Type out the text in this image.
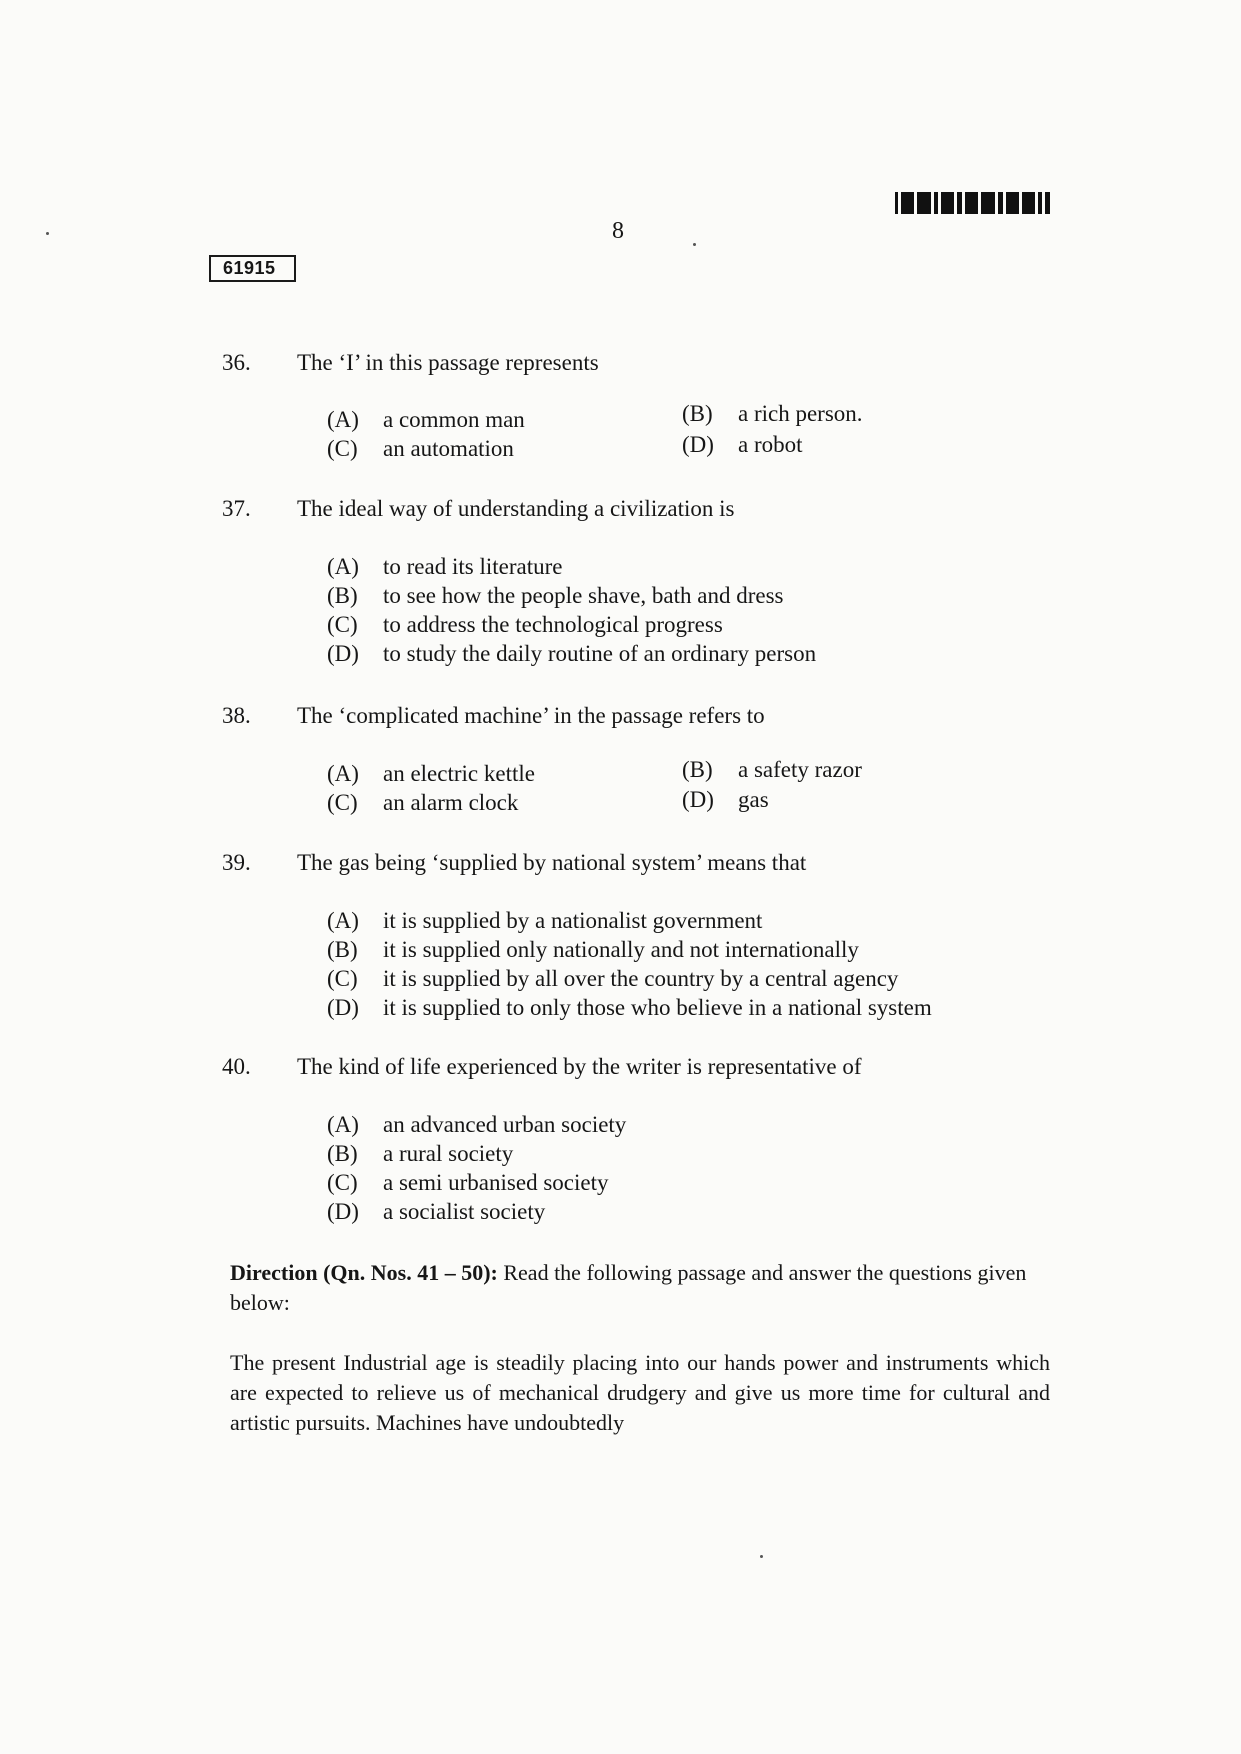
8
61915
36.	The ‘I’ in this passage represents
(A) a common man	(B) a rich person.
(C) an automation	(D) a robot
37.	The ideal way of understanding a civilization is
(A) to read its literature
(B) to see how the people shave, bath and dress
(C) to address the technological progress
(D) to study the daily routine of an ordinary person
38.	The ‘complicated machine’ in the passage refers to
(A) an electric kettle	(B) a safety razor
(C) an alarm clock	(D) gas
39.	The gas being ‘supplied by national system’ means that
(A) it is supplied by a nationalist government
(B) it is supplied only nationally and not internationally
(C) it is supplied by all over the country by a central agency
(D) it is supplied to only those who believe in a national system
40.	The kind of life experienced by the writer is representative of
(A) an advanced urban society
(B) a rural society
(C) a semi urbanised society
(D) a socialist society
Direction (Qn. Nos. 41 – 50): Read the following passage and answer the questions given below:
The present Industrial age is steadily placing into our hands power and instruments which are expected to relieve us of mechanical drudgery and give us more time for cultural and artistic pursuits. Machines have undoubtedly
